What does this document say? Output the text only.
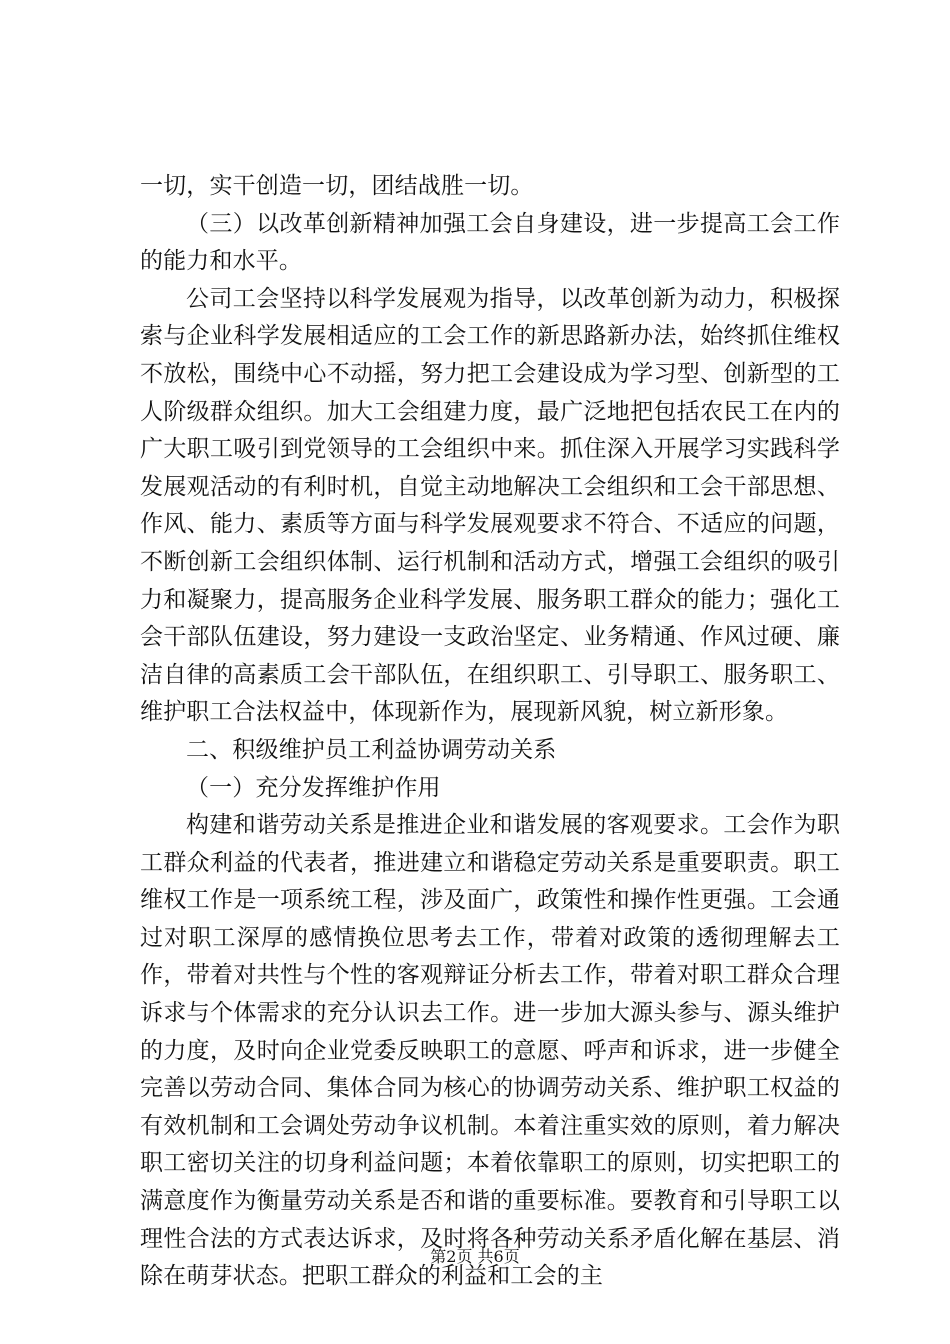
一切，实干创造一切，团结战胜一切。

（三）以改革创新精神加强工会自身建设，进一步提高工会工作的能力和水平。

公司工会坚持以科学发展观为指导，以改革创新为动力，积极探索与企业科学发展相适应的工会工作的新思路新办法，始终抓住维权不放松，围绕中心不动摇，努力把工会建设成为学习型、创新型的工人阶级群众组织。加大工会组建力度，最广泛地把包括农民工在内的广大职工吸引到党领导的工会组织中来。抓住深入开展学习实践科学发展观活动的有利时机，自觉主动地解决工会组织和工会干部思想、作风、能力、素质等方面与科学发展观要求不符合、不适应的问题，不断创新工会组织体制、运行机制和活动方式，增强工会组织的吸引力和凝聚力，提高服务企业科学发展、服务职工群众的能力；强化工会干部队伍建设，努力建设一支政治坚定、业务精通、作风过硬、廉洁自律的高素质工会干部队伍，在组织职工、引导职工、服务职工、维护职工合法权益中，体现新作为，展现新风貌，树立新形象。

二、积级维护员工利益协调劳动关系

（一）充分发挥维护作用

构建和谐劳动关系是推进企业和谐发展的客观要求。工会作为职工群众利益的代表者，推进建立和谐稳定劳动关系是重要职责。职工维权工作是一项系统工程，涉及面广，政策性和操作性更强。工会通过对职工深厚的感情换位思考去工作，带着对政策的透彻理解去工作，带着对共性与个性的客观辩证分析去工作，带着对职工群众合理诉求与个体需求的充分认识去工作。进一步加大源头参与、源头维护的力度，及时向企业党委反映职工的意愿、呼声和诉求，进一步健全完善以劳动合同、集体合同为核心的协调劳动关系、维护职工权益的有效机制和工会调处劳动争议机制。本着注重实效的原则，着力解决职工密切关注的切身利益问题；本着依靠职工的原则，切实把职工的满意度作为衡量劳动关系是否和谐的重要标准。要教育和引导职工以理性合法的方式表达诉求，及时将各种劳动关系矛盾化解在基层、消除在萌芽状态。把职工群众的利益和工会的主

第2页 共6页
